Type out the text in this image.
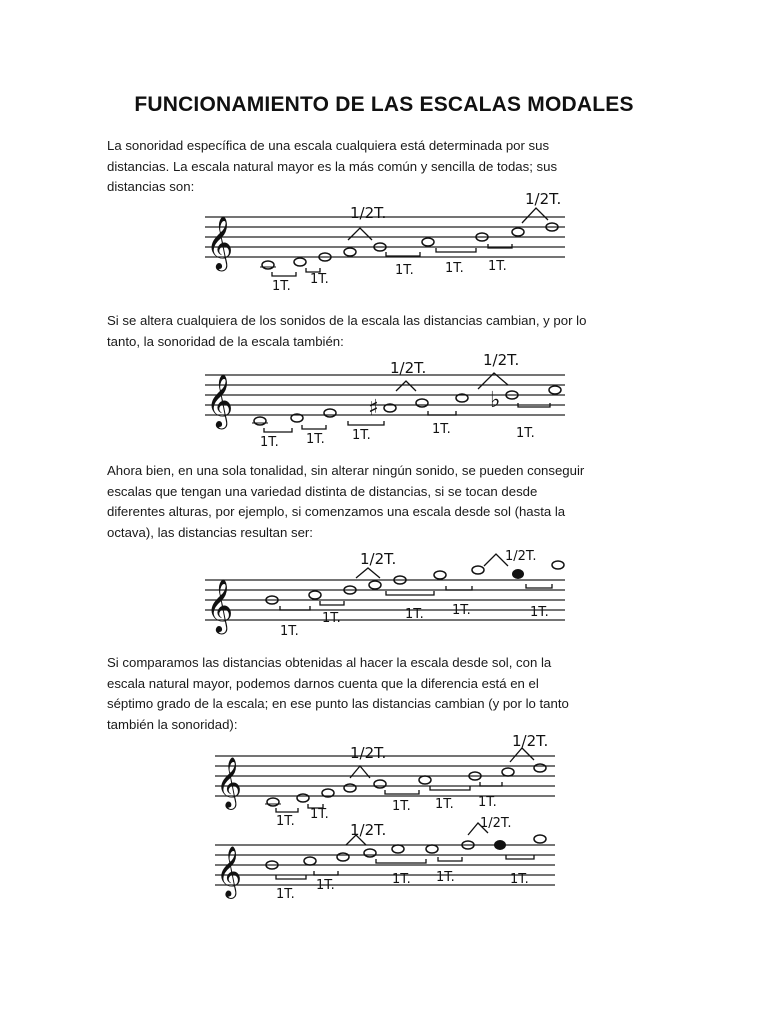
FUNCIONAMIENTO DE LAS ESCALAS MODALES
La sonoridad específica de una escala cualquiera está determinada por sus
distancias. La escala natural mayor es la más común y sencilla de todas; sus
distancias son:
𝄞
1T. 1T.
1/2T.
1T. 1T. 1T.
1/2T.
Si se altera cualquiera de los sonidos de la escala las distancias cambian, y por lo
tanto, la sonoridad de la escala también:
𝄞	♯	♭
1T. 1T. 1T.
1/2T.
1T.
1/2T.
1T.
Ahora bien, en una sola tonalidad, sin alterar ningún sonido, se pueden conseguir
escalas que tengan una variedad distinta de distancias, si se tocan desde
diferentes alturas, por ejemplo, si comenzamos una escala desde sol (hasta la
octava), las distancias resultan ser:
𝄞	1T.
1T.
1/2T.
1T. 1T.
1/2T.
1T.
Si comparamos las distancias obtenidas al hacer la escala desde sol, con la
escala natural mayor, podemos darnos cuenta que la diferencia está en el
séptimo grado de la escala; en ese punto las distancias cambian (y por lo tanto
también la sonoridad):
𝄞
1T. 1T.
1/2T.
1T. 1T. 1T.
1/2T.
𝄞	1T.
1T.
1/2T.
1T. 1T.
1/2T.
1T.
